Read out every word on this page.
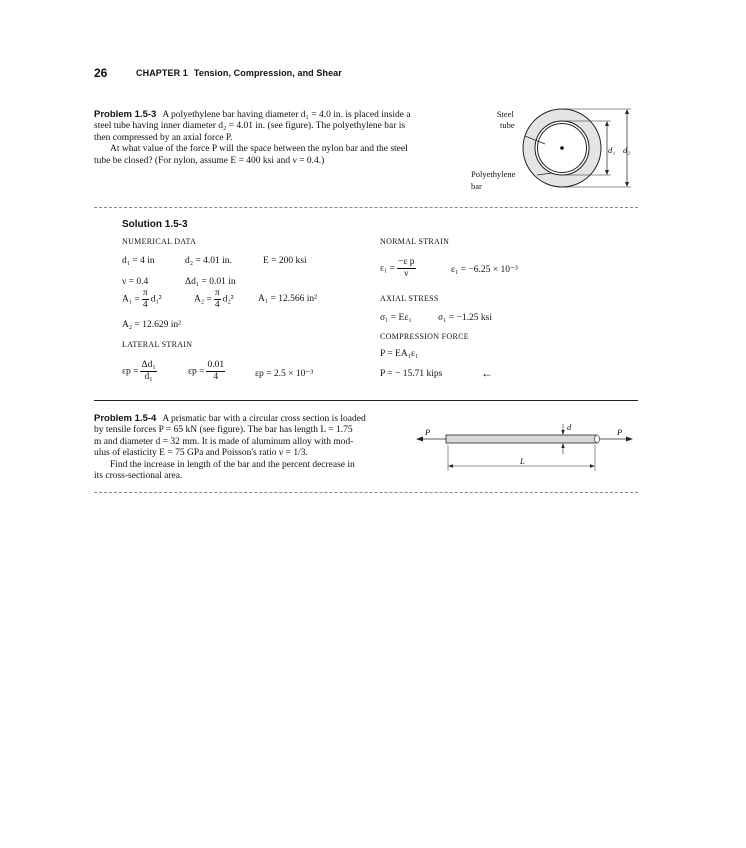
26	CHAPTER 1 Tension, Compression, and Shear
Problem 1.5-3 A polyethylene bar having diameter d₁ = 4.0 in. is placed inside a
steel tube having inner diameter d₂ = 4.01 in. (see figure). The polyethylene bar is
then compressed by an axial force P.
At what value of the force P will the space between the nylon bar and the steel
tube be closed? (For nylon, assume E = 400 ksi and ν = 0.4.)
Steel
tube
Polyethylene
bar
d₁ d₂
Solution 1.5-3
NUMERICAL DATA
d₁ = 4 in	d₂ = 4.01 in.	E = 200 ksi
ν = 0.4	Δd₁ = 0.01 in
$A_1 = \frac{\pi}{4} d_1^2$	$A_2 = \frac{\pi}{4} d_2^2$	A₁ = 12.566 in²
A₂ = 12.629 in²
LATERAL STRAIN
$\varepsilon p = \frac{\text{Δd₁}}{\text{d₁}}$	$\varepsilon p = \frac{0.01}{4}$	εp = 2.5 × 10⁻³
NORMAL STRAIN
$\varepsilon_1 = \frac{\text{−ε p}}{\nu}$	ε₁ = −6.25 × 10⁻³
AXIAL STRESS
σ₁ = Eε₁	σ₁ = −1.25 ksi
COMPRESSION FORCE
P = EA₁ε₁
P = − 15.71 kips	←
Problem 1.5-4 A prismatic bar with a circular cross section is loaded
by tensile forces P = 65 kN (see figure). The bar has length L = 1.75
m and diameter d = 32 mm. It is made of aluminum alloy with mod-
ulus of elasticity E = 75 GPa and Poisson's ratio ν = 1/3.
Find the increase in length of the bar and the percent decrease in
its cross-sectional area.
P	P
d
L
